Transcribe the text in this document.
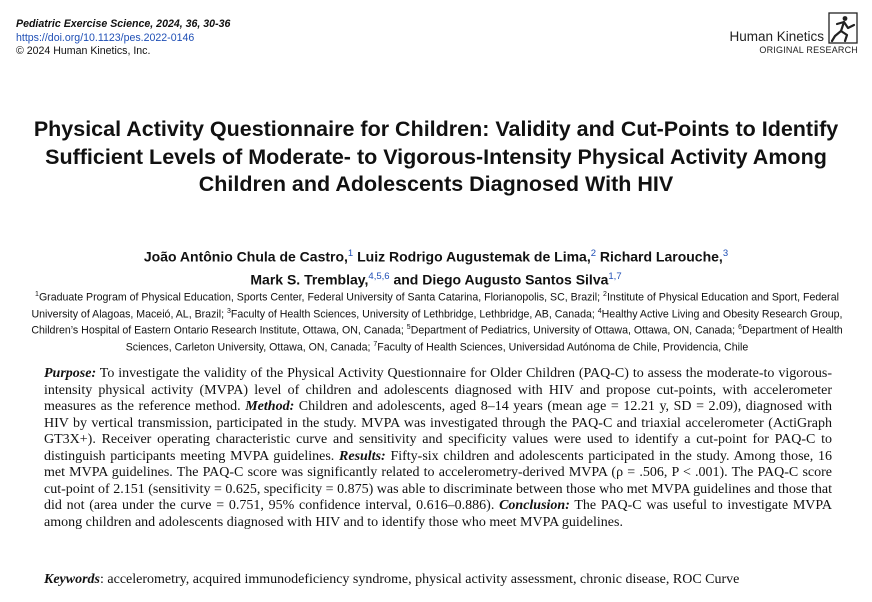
Pediatric Exercise Science, 2024, 36, 30-36
https://doi.org/10.1123/pes.2022-0146
© 2024 Human Kinetics, Inc.
Human Kinetics
ORIGINAL RESEARCH
Physical Activity Questionnaire for Children: Validity and Cut-Points to Identify Sufficient Levels of Moderate- to Vigorous-Intensity Physical Activity Among Children and Adolescents Diagnosed With HIV
João Antônio Chula de Castro,$^1$ Luiz Rodrigo Augustemak de Lima,$^2$ Richard Larouche,$^3$
Mark S. Tremblay,$^{4,5,6}$ and Diego Augusto Santos Silva$^{1,7}$
$^1$Graduate Program of Physical Education, Sports Center, Federal University of Santa Catarina, Florianopolis, SC, Brazil; $^2$Institute of Physical Education and Sport, Federal University of Alagoas, Maceió, AL, Brazil; $^3$Faculty of Health Sciences, University of Lethbridge, Lethbridge, AB, Canada; $^4$Healthy Active Living and Obesity Research Group, Children’s Hospital of Eastern Ontario Research Institute, Ottawa, ON, Canada; $^5$Department of Pediatrics, University of Ottawa, Ottawa, ON, Canada; $^6$Department of Health Sciences, Carleton University, Ottawa, ON, Canada; $^7$Faculty of Health Sciences, Universidad Autónoma de Chile, Providencia, Chile
Purpose: To investigate the validity of the Physical Activity Questionnaire for Older Children (PAQ-C) to assess the moderate-to vigorous-intensity physical activity (MVPA) level of children and adolescents diagnosed with HIV and propose cut-points, with accelerometer measures as the reference method. Method: Children and adolescents, aged 8–14 years (mean age = 12.21 y, SD = 2.09), diagnosed with HIV by vertical transmission, participated in the study. MVPA was investigated through the PAQ-C and triaxial accelerometer (ActiGraph GT3X+). Receiver operating characteristic curve and sensitivity and specificity values were used to identify a cut-point for PAQ-C to distinguish participants meeting MVPA guidelines. Results: Fifty-six children and adolescents participated in the study. Among those, 16 met MVPA guidelines. The PAQ-C score was significantly related to accelerometry-derived MVPA (ρ = .506, P < .001). The PAQ-C score cut-point of 2.151 (sensitivity = 0.625, specificity = 0.875) was able to discriminate between those who met MVPA guidelines and those that did not (area under the curve = 0.751, 95% confidence interval, 0.616–0.886). Conclusion: The PAQ-C was useful to investigate MVPA among children and adolescents diagnosed with HIV and to identify those who meet MVPA guidelines.
Keywords: accelerometry, acquired immunodeficiency syndrome, physical activity assessment, chronic disease, ROC Curve
